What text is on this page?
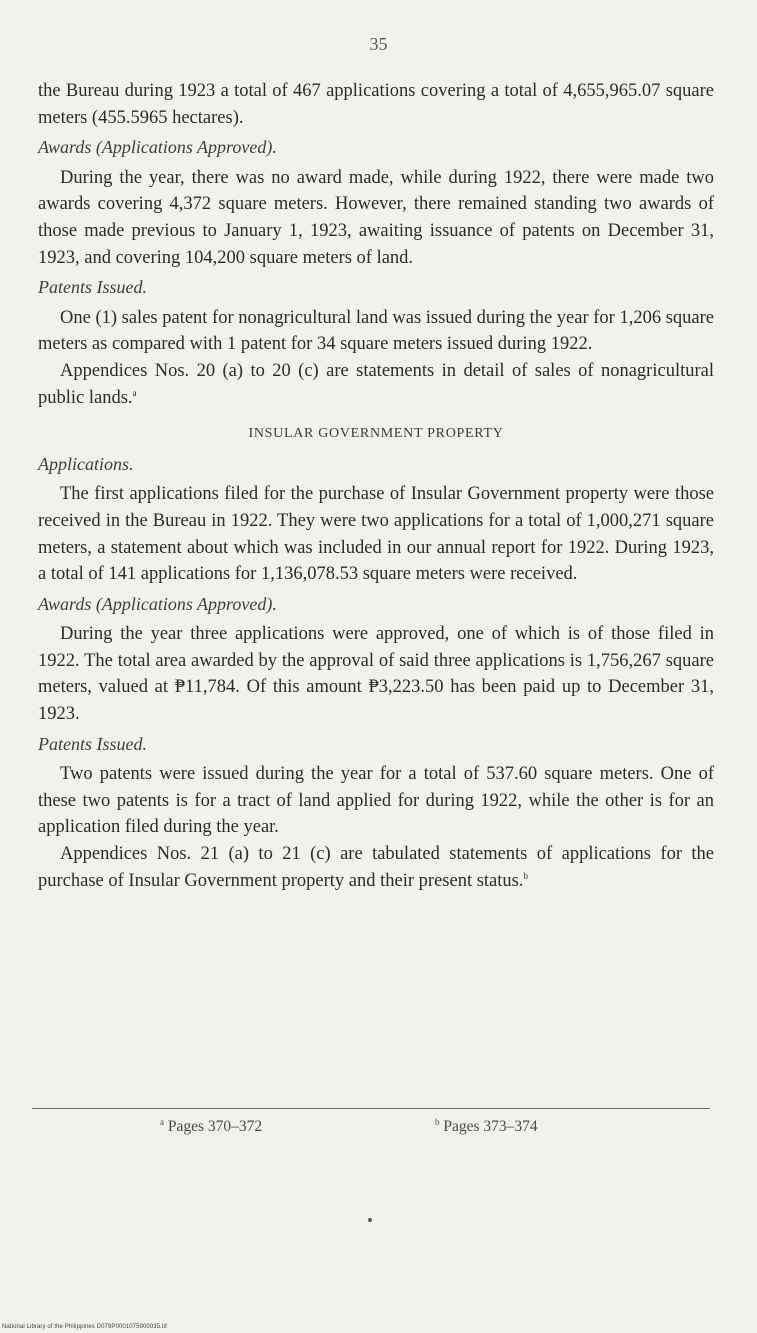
35

the Bureau during 1923 a total of 467 applications covering a total of 4,655,965.07 square meters (455.5965 hectares).

Awards (Applications Approved).

During the year, there was no award made, while during 1922, there were made two awards covering 4,372 square meters. However, there remained standing two awards of those made previous to January 1, 1923, awaiting issuance of patents on December 31, 1923, and covering 104,200 square meters of land.

Patents Issued.

One (1) sales patent for nonagricultural land was issued during the year for 1,206 square meters as compared with 1 patent for 34 square meters issued during 1922.

Appendices Nos. 20 (a) to 20 (c) are statements in detail of sales of nonagricultural public lands.$^a$

INSULAR GOVERNMENT PROPERTY
Applications.

The first applications filed for the purchase of Insular Government property were those received in the Bureau in 1922. They were two applications for a total of 1,000,271 square meters, a statement about which was included in our annual report for 1922. During 1923, a total of 141 applications for 1,136,078.53 square meters were received.

Awards (Applications Approved).

During the year three applications were approved, one of which is of those filed in 1922. The total area awarded by the approval of said three applications is 1,756,267 square meters, valued at ₱11,784. Of this amount ₱3,223.50 has been paid up to December 31, 1923.

Patents Issued.

Two patents were issued during the year for a total of 537.60 square meters. One of these two patents is for a tract of land applied for during 1922, while the other is for an application filed during the year.

Appendices Nos. 21 (a) to 21 (c) are tabulated statements of applications for the purchase of Insular Government property and their present status.$^b$

$^a$ Pages 370–372	$^b$ Pages 373–374
National Library of the Philippines D079P0001075900035.tif
